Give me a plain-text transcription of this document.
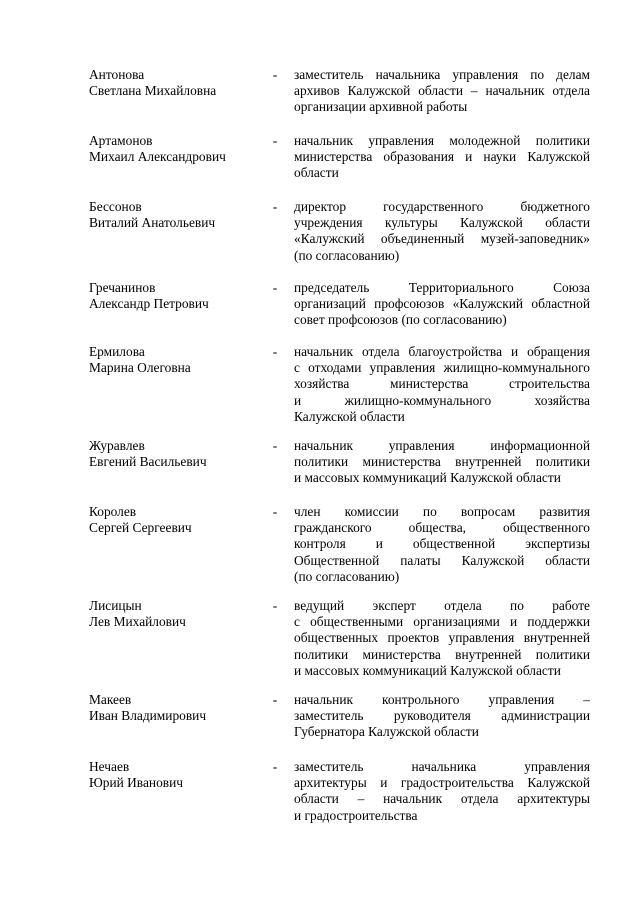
Антонова
Светлана Михайловна
- заместитель начальника управления по делам
архивов Калужской области – начальник отдела
организации архивной работы
Артамонов
Михаил Александрович
- начальник управления молодежной политики
министерства образования и науки Калужской
области
Бессонов
Виталий Анатольевич
- директор государственного бюджетного
учреждения культуры Калужской области
«Калужский объединенный музей-заповедник»
(по согласованию)
Гречанинов
Александр Петрович
- председатель Территориального Союза
организаций профсоюзов «Калужский областной
совет профсоюзов (по согласованию)
Ермилова
Марина Олеговна
- начальник отдела благоустройства и обращения
с отходами управления жилищно-коммунального
хозяйства министерства строительства
и жилищно-коммунального хозяйства
Калужской области
Журавлев
Евгений Васильевич
- начальник управления информационной
политики министерства внутренней политики
и массовых коммуникаций Калужской области
Королев
Сергей Сергеевич
- член комиссии по вопросам развития
гражданского общества, общественного
контроля и общественной экспертизы
Общественной палаты Калужской области
(по согласованию)
Лисицын
Лев Михайлович
- ведущий эксперт отдела по работе
с общественными организациями и поддержки
общественных проектов управления внутренней
политики министерства внутренней политики
и массовых коммуникаций Калужской области
Макеев
Иван Владимирович
- начальник контрольного управления –
заместитель руководителя администрации
Губернатора Калужской области
Нечаев
Юрий Иванович
- заместитель начальника управления
архитектуры и градостроительства Калужской
области – начальник отдела архитектуры
и градостроительства
